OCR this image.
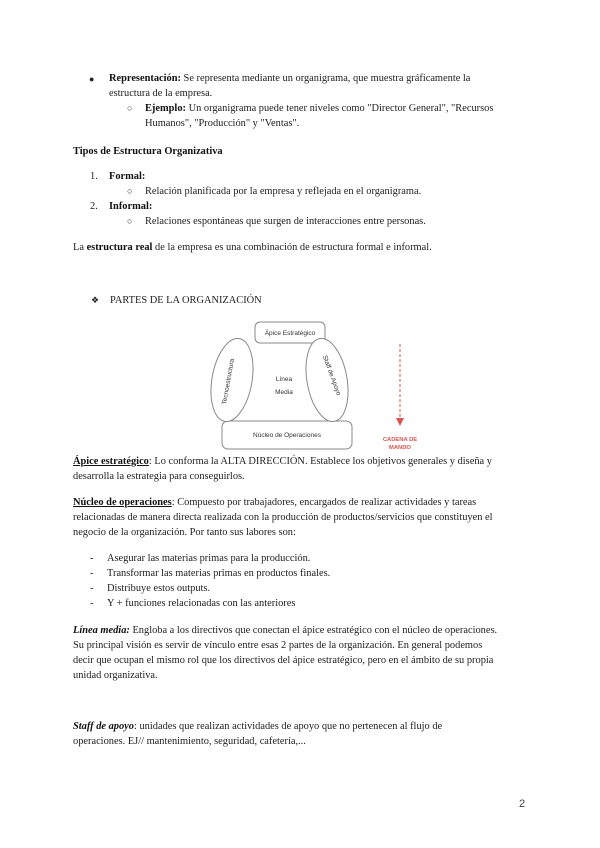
● Representación: Se representa mediante un organigrama, que muestra gráficamente la
estructura de la empresa.
○ Ejemplo: Un organigrama puede tener niveles como "Director General", "Recursos
Humanos", "Producción" y "Ventas".
Tipos de Estructura Organizativa
1. Formal:
○ Relación planificada por la empresa y reflejada en el organigrama.
2. Informal:
○ Relaciones espontáneas que surgen de interacciones entre personas.
La estructura real de la empresa es una combinación de estructura formal e informal.
❖ PARTES DE LA ORGANIZACIÓN
Ápice Estratégico
Núcleo de Operaciones
Tecnoestructura	Staff de Apoyo
Línea
Media
CADENA DE
MANDO
Ápice estratégico: Lo conforma la ALTA DIRECCIÓN. Establece los objetivos generales y diseña y
desarrolla la estrategia para conseguirlos.
Núcleo de operaciones: Compuesto por trabajadores, encargados de realizar actividades y tareas
relacionadas de manera directa realizada con la producción de productos/servicios que constituyen el
negocio de la organización. Por tanto sus labores son:
- Asegurar las materias primas para la producción.
- Transformar las materias primas en productos finales.
- Distribuye estos outputs.
- Y + funciones relacionadas con las anteriores
Línea media: Engloba a los directivos que conectan el ápice estratégico con el núcleo de operaciones.
Su principal visión es servir de vínculo entre esas 2 partes de la organización. En general podemos
decir que ocupan el mismo rol que los directivos del ápice estratégico, pero en el ámbito de su propia
unidad organizativa.
Staff de apoyo: unidades que realizan actividades de apoyo que no pertenecen al flujo de
operaciones. EJ// mantenimiento, seguridad, cafetería,...
2
